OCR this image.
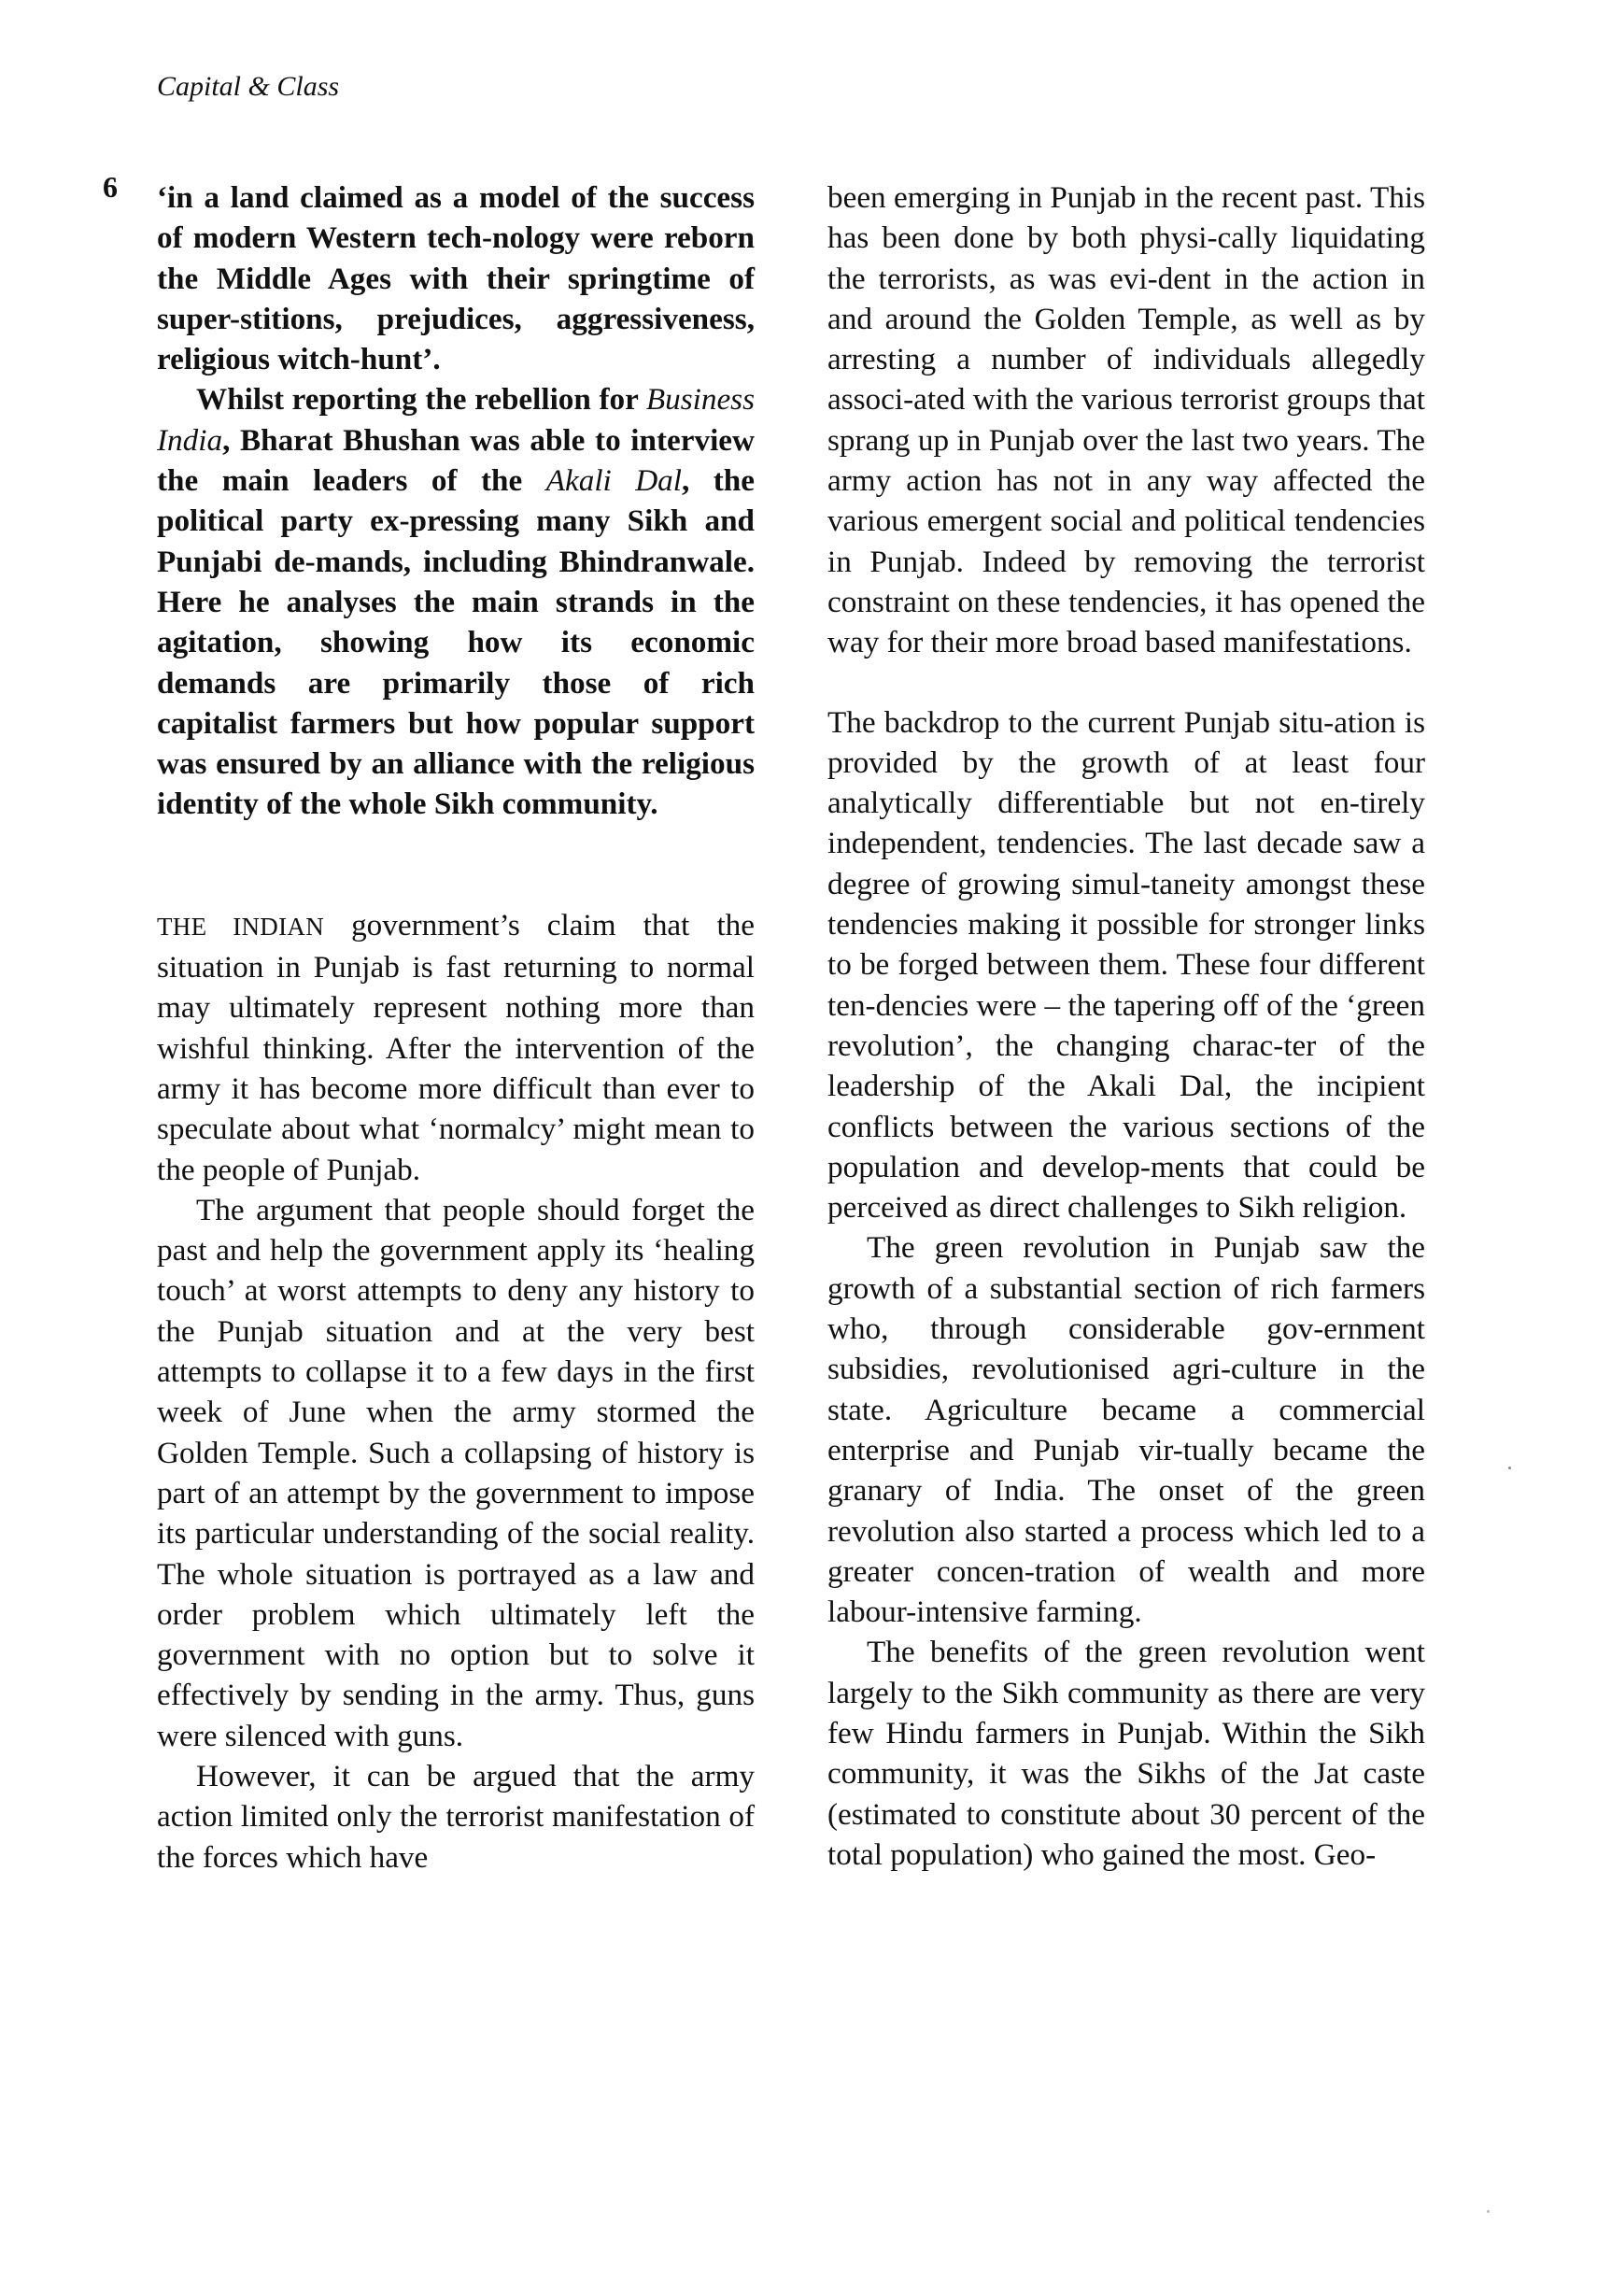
Capital & Class
6 ‘in a land claimed as a model of the success of modern Western tech-nology were reborn the Middle Ages with their springtime of super-stitions, prejudices, aggressiveness, religious witch-hunt’.

Whilst reporting the rebellion for Business India, Bharat Bhushan was able to interview the main leaders of the Akali Dal, the political party ex-pressing many Sikh and Punjabi de-mands, including Bhindranwale. Here he analyses the main strands in the agitation, showing how its economic demands are primarily those of rich capitalist farmers but how popular support was ensured by an alliance with the religious identity of the whole Sikh community.

THE INDIAN government’s claim that the situation in Punjab is fast returning to normal may ultimately represent nothing more than wishful thinking. After the intervention of the army it has become more difficult than ever to speculate about what ‘normalcy’ might mean to the people of Punjab.

The argument that people should forget the past and help the government apply its ‘healing touch’ at worst attempts to deny any history to the Punjab situation and at the very best attempts to collapse it to a few days in the first week of June when the army stormed the Golden Temple. Such a collapsing of history is part of an attempt by the government to impose its particular understanding of the social reality. The whole situation is portrayed as a law and order problem which ultimately left the government with no option but to solve it effectively by sending in the army. Thus, guns were silenced with guns.

However, it can be argued that the army action limited only the terrorist manifestation of the forces which have

been emerging in Punjab in the recent past. This has been done by both physi-cally liquidating the terrorists, as was evi-dent in the action in and around the Golden Temple, as well as by arresting a number of individuals allegedly associ-ated with the various terrorist groups that sprang up in Punjab over the last two years. The army action has not in any way affected the various emergent social and political tendencies in Punjab. Indeed by removing the terrorist constraint on these tendencies, it has opened the way for their more broad based manifestations.

The backdrop to the current Punjab situ-ation is provided by the growth of at least four analytically differentiable but not en-tirely independent, tendencies. The last decade saw a degree of growing simul-taneity amongst these tendencies making it possible for stronger links to be forged between them. These four different ten-dencies were – the tapering off of the ‘green revolution’, the changing charac-ter of the leadership of the Akali Dal, the incipient conflicts between the various sections of the population and develop-ments that could be perceived as direct challenges to Sikh religion.

The green revolution in Punjab saw the growth of a substantial section of rich farmers who, through considerable gov-ernment subsidies, revolutionised agri-culture in the state. Agriculture became a commercial enterprise and Punjab vir-tually became the granary of India. The onset of the green revolution also started a process which led to a greater concen-tration of wealth and more labour-intensive farming.

The benefits of the green revolution went largely to the Sikh community as there are very few Hindu farmers in Punjab. Within the Sikh community, it was the Sikhs of the Jat caste (estimated to constitute about 30 percent of the total population) who gained the most. Geo-
